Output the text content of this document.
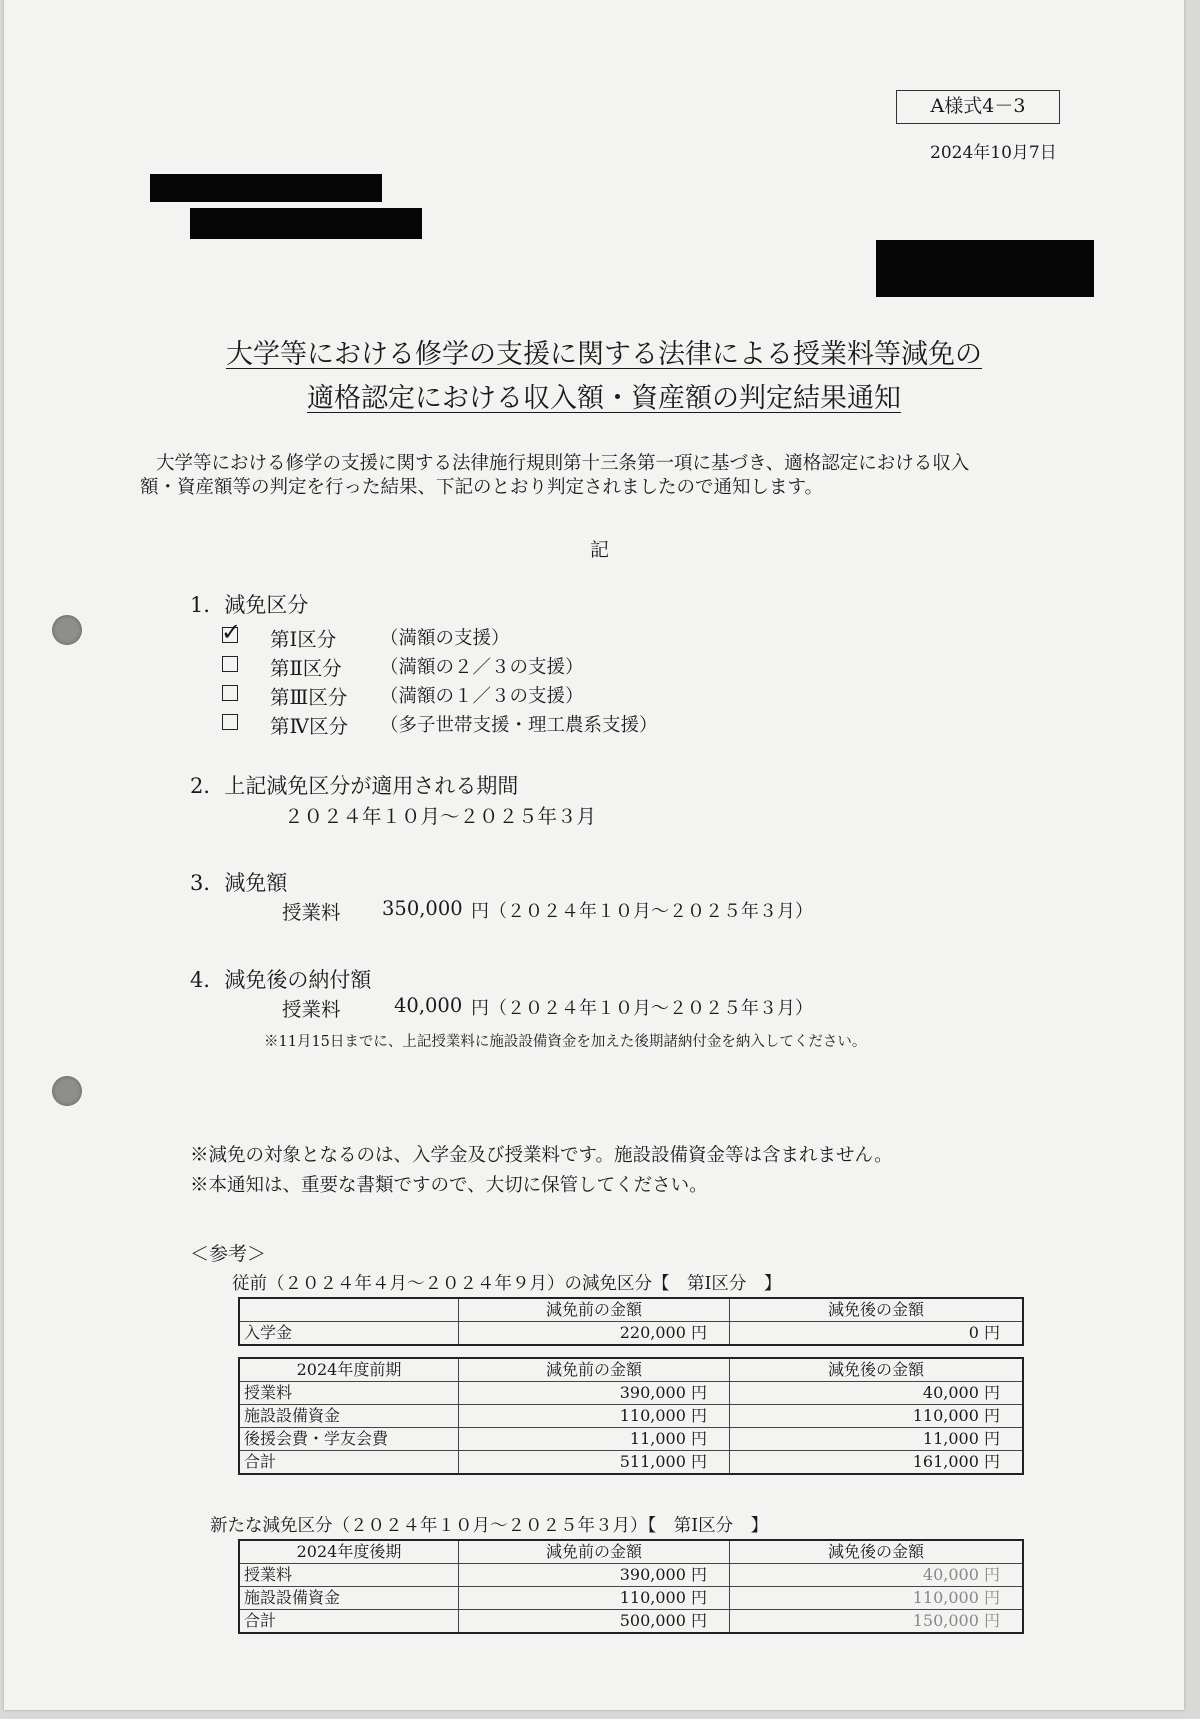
A様式4－3
2024年10月7日
大学等における修学の支援に関する法律による授業料等減免の
適格認定における収入額・資産額の判定結果通知
大学等における修学の支援に関する法律施行規則第十三条第一項に基づき、適格認定における収入
額・資産額等の判定を行った結果、下記のとおり判定されましたので通知します。
記
1．減免区分
✓ 第Ⅰ区分 （満額の支援）
第Ⅱ区分 （満額の２／３の支援）
第Ⅲ区分 （満額の１／３の支援）
第Ⅳ区分 （多子世帯支援・理工農系支援）
2．上記減免区分が適用される期間
２０２４年１０月～２０２５年３月
3．減免額
授業料 350,000 円（２０２４年１０月～２０２５年３月）
4．減免後の納付額
授業料	40,000 円（２０２４年１０月～２０２５年３月）
※11月15日までに、上記授業料に施設設備資金を加えた後期諸納付金を納入してください。
※減免の対象となるのは、入学金及び授業料です。施設設備資金等は含まれません。
※本通知は、重要な書類ですので、大切に保管してください。
＜参考＞
従前（２０２４年４月～２０２４年９月）の減免区分【　第Ⅰ区分　】
	減免前の金額	減免後の金額
入学金	220,000 円	0 円
2024年度前期	減免前の金額	減免後の金額
授業料	390,000 円	40,000 円
施設設備資金	110,000 円	110,000 円
後援会費・学友会費	11,000 円	11,000 円
合計	511,000 円	161,000 円
新たな減免区分（２０２４年１０月～２０２５年３月）【　第Ⅰ区分　】
2024年度後期	減免前の金額	減免後の金額
授業料	390,000 円	40,000 円
施設設備資金	110,000 円	110,000 円
合計	500,000 円	150,000 円
